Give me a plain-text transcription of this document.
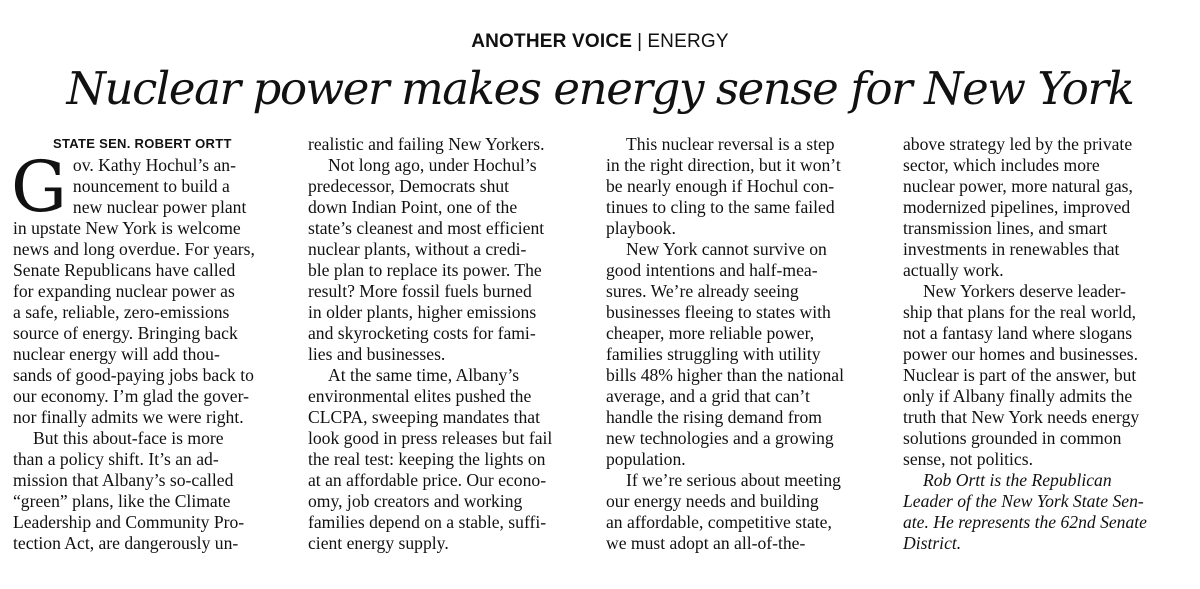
ANOTHER VOICE | ENERGY
Nuclear power makes energy sense for New York
STATE SEN. ROBERT ORTT
G ov. Kathy Hochul’s an-
nouncement to build a
new nuclear power plant
in upstate New York is welcome
news and long overdue. For years,
Senate Republicans have called
for expanding nuclear power as
a safe, reliable, zero-emissions
source of energy. Bringing back
nuclear energy will add thou-
sands of good-paying jobs back to
our economy. I’m glad the gover-
nor finally admits we were right.
But this about-face is more
than a policy shift. It’s an ad-
mission that Albany’s so-called
“green” plans, like the Climate
Leadership and Community Pro-
tection Act, are dangerously un-
realistic and failing New Yorkers.
Not long ago, under Hochul’s
predecessor, Democrats shut
down Indian Point, one of the
state’s cleanest and most efficient
nuclear plants, without a credi-
ble plan to replace its power. The
result? More fossil fuels burned
in older plants, higher emissions
and skyrocketing costs for fami-
lies and businesses.
At the same time, Albany’s
environmental elites pushed the
CLCPA, sweeping mandates that
look good in press releases but fail
the real test: keeping the lights on
at an affordable price. Our econo-
omy, job creators and working
families depend on a stable, suffi-
cient energy supply.
This nuclear reversal is a step
in the right direction, but it won’t
be nearly enough if Hochul con-
tinues to cling to the same failed
playbook.
New York cannot survive on
good intentions and half-mea-
sures. We’re already seeing
businesses fleeing to states with
cheaper, more reliable power,
families struggling with utility
bills 48% higher than the national
average, and a grid that can’t
handle the rising demand from
new technologies and a growing
population.
If we’re serious about meeting
our energy needs and building
an affordable, competitive state,
we must adopt an all-of-the-
above strategy led by the private
sector, which includes more
nuclear power, more natural gas,
modernized pipelines, improved
transmission lines, and smart
investments in renewables that
actually work.
New Yorkers deserve leader-
ship that plans for the real world,
not a fantasy land where slogans
power our homes and businesses.
Nuclear is part of the answer, but
only if Albany finally admits the
truth that New York needs energy
solutions grounded in common
sense, not politics.
Rob Ortt is the Republican
Leader of the New York State Sen-
ate. He represents the 62nd Senate
District.
